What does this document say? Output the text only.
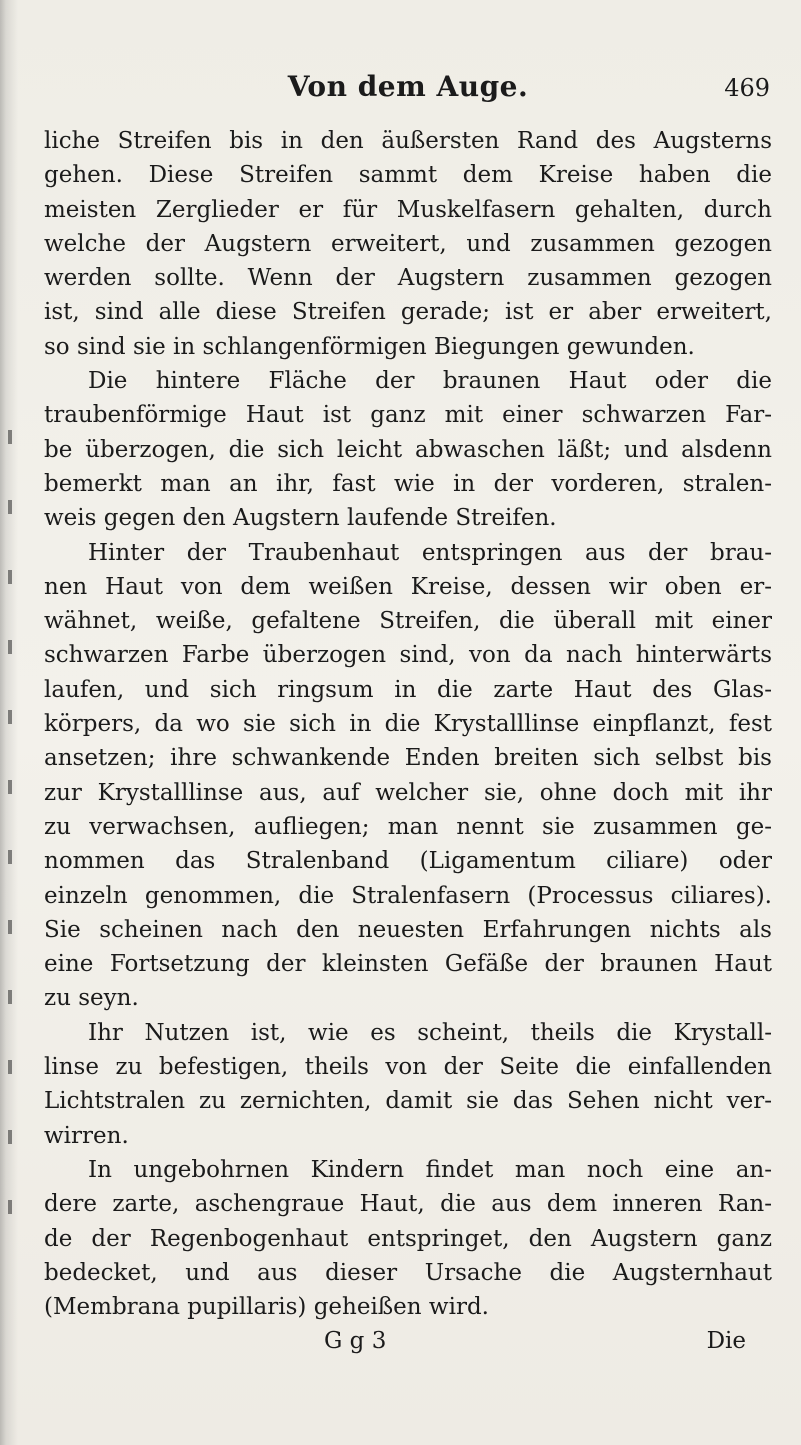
Von dem Auge.	469
liche Streifen bis in den äußersten Rand des Augsterns
gehen. Diese Streifen sammt dem Kreise haben die
meisten Zerglieder er für Muskelfasern gehalten, durch
welche der Augstern erweitert, und zusammen gezogen
werden sollte. Wenn der Augstern zusammen gezogen
ist, sind alle diese Streifen gerade; ist er aber erweitert,
so sind sie in schlangenförmigen Biegungen gewunden.
Die hintere Fläche der braunen Haut oder die
traubenförmige Haut ist ganz mit einer schwarzen Far-
be überzogen, die sich leicht abwaschen läßt; und alsdenn
bemerkt man an ihr, fast wie in der vorderen, stralen-
weis gegen den Augstern laufende Streifen.
Hinter der Traubenhaut entspringen aus der brau-
nen Haut von dem weißen Kreise, dessen wir oben er-
wähnet, weiße, gefaltene Streifen, die überall mit einer
schwarzen Farbe überzogen sind, von da nach hinterwärts
laufen, und sich ringsum in die zarte Haut des Glas-
körpers, da wo sie sich in die Krystalllinse einpflanzt, fest
ansetzen; ihre schwankende Enden breiten sich selbst bis
zur Krystalllinse aus, auf welcher sie, ohne doch mit ihr
zu verwachsen, aufliegen; man nennt sie zusammen ge-
nommen das Stralenband (Ligamentum ciliare) oder
einzeln genommen, die Stralenfasern (Processus ciliares).
Sie scheinen nach den neuesten Erfahrungen nichts als
eine Fortsetzung der kleinsten Gefäße der braunen Haut
zu seyn.
Ihr Nutzen ist, wie es scheint, theils die Krystall-
linse zu befestigen, theils von der Seite die einfallenden
Lichtstralen zu zernichten, damit sie das Sehen nicht ver-
wirren.
In ungebohrnen Kindern findet man noch eine an-
dere zarte, aschengraue Haut, die aus dem inneren Ran-
de der Regenbogenhaut entspringet, den Augstern ganz
bedecket, und aus dieser Ursache die Augsternhaut
(Membrana pupillaris) geheißen wird.
G g 3	Die
